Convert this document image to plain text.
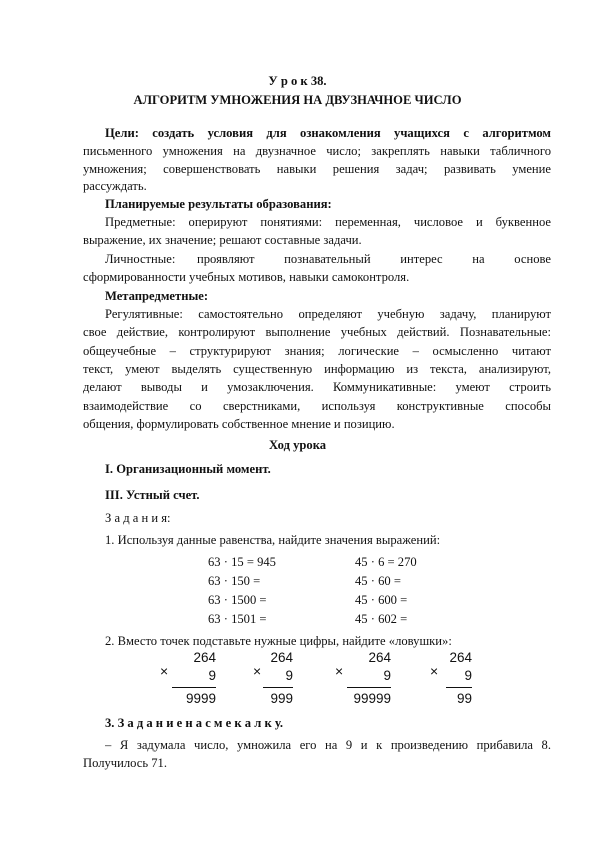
У р о к 38.
АЛГОРИТМ УМНОЖЕНИЯ НА ДВУЗНАЧНОЕ ЧИСЛО
Цели: создать условия для ознакомления учащихся с алгоритмом
письменного умножения на двузначное число; закреплять навыки табличного
умножения; совершенствовать навыки решения задач; развивать умение
рассуждать.
Планируемые результаты образования:
Предметные: оперируют понятиями: переменная, числовое и буквенное
выражение, их значение; решают составные задачи.
Личностные: проявляют познавательный интерес на основе
сформированности учебных мотивов, навыки самоконтроля.
Метапредметные:
Регулятивные: самостоятельно определяют учебную задачу, планируют
свое действие, контролируют выполнение учебных действий. Познавательные:
общеучебные – структурируют знания; логические – осмысленно читают
текст, умеют выделять существенную информацию из текста, анализируют,
делают выводы и умозаключения. Коммуникативные: умеют строить
взаимодействие со сверстниками, используя конструктивные способы
общения, формулировать собственное мнение и позицию.
Ход урока
I. Организационный момент.
III. Устный счет.
З а д а н и я:
1. Используя данные равенства, найдите значения выражений:
63 · 15 = 945
63 · 150 =
63 · 1500 =
63 · 1501 =
45 · 6 = 270
45 · 60 =
45 · 600 =
45 · 602 =
2. Вместо точек подставьте нужные цифры, найдите «ловушки»:
264
×	9
9999
264
× 9
999
264
×	9
99999
264
× 9
99
3. З а д а н и е н а с м е к а л к у.
– Я задумала число, умножила его на 9 и к произведению прибавила 8.
Получилось 71.
